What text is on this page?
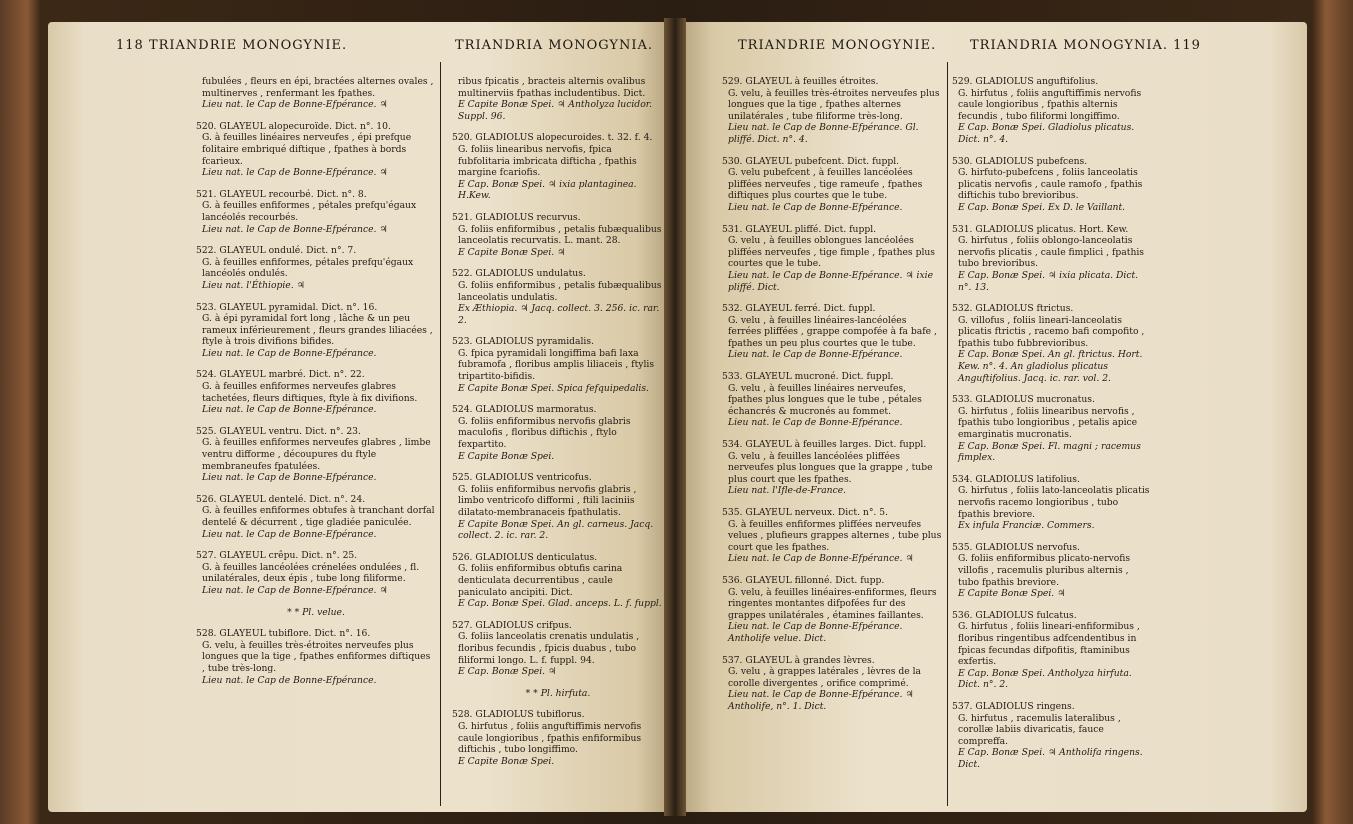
118 TRIANDRIE MONOGYNIE.	TRIANDRIA MONOGYNIA.	TRIANDRIE MONOGYNIE.	TRIANDRIA MONOGYNIA. 119
fubulées , fleurs en épi, bractées alternes ovales , multinerves , renfermant les fpathes.
Lieu nat. le Cap de Bonne-Efpérance. ♃
520. GLAYEUL alopecuroïde. Dict. n°. 10.
G. à feuilles linéaires nerveufes , épi prefque folitaire embriqué diftique , fpathes à bords fcarieux.
Lieu nat. le Cap de Bonne-Efpérance. ♃
521. GLAYEUL recourbé. Dict. n°. 8.
G. à feuilles enfiformes , pétales prefqu'égaux lancéolés recourbés.
Lieu nat. le Cap de Bonne-Efpérance. ♃
522. GLAYEUL ondulé. Dict. n°. 7.
G. à feuilles enfiformes, pétales prefqu'égaux lancéolés ondulés.
Lieu nat. l'Éthiopie. ♃
523. GLAYEUL pyramidal. Dict. n°. 16.
G. à épi pyramidal fort long , lâche & un peu rameux inférieurement , fleurs grandes liliacées , ftyle à trois divifions bifides.
Lieu nat. le Cap de Bonne-Efpérance.
524. GLAYEUL marbré. Dict. n°. 22.
G. à feuilles enfiformes nerveufes glabres tachetées, fleurs diftiques, ftyle à fix divifions.
Lieu nat. le Cap de Bonne-Efpérance.
525. GLAYEUL ventru. Dict. n°. 23.
G. à feuilles enfiformes nerveufes glabres , limbe ventru difforme , découpures du ftyle membraneufes fpatulées.
Lieu nat. le Cap de Bonne-Efpérance.
526. GLAYEUL dentelé. Dict. n°. 24.
G. à feuilles enfiformes obtufes à tranchant dorfal dentelé & décurrent , tige gladiée paniculée.
Lieu nat. le Cap de Bonne-Efpérance.
527. GLAYEUL crêpu. Dict. n°. 25.
G. à feuilles lancéolées crénelées ondulées , fl. unilatérales, deux épis , tube long filiforme.
Lieu nat. le Cap de Bonne-Efpérance. ♃
* * Pl. velue.
528. GLAYEUL tubiflore. Dict. n°. 16.
G. velu, à feuilles très-étroites nerveufes plus longues que la tige , fpathes enfiformes diftiques , tube très-long.
Lieu nat. le Cap de Bonne-Efpérance.
ribus fpicatis , bracteis alternis ovalibus multinerviis fpathas includentibus. Dict.
E Capite Bonæ Spei. ♃ Antholyza lucidor. Suppl. 96.
520. GLADIOLUS alopecuroides. t. 32. f. 4.
G. foliis linearibus nervofis, fpica fubfolitaria imbricata difticha , fpathis margine fcariofis.
E Cap. Bonæ Spei. ♃ ixia plantaginea. H.Kew.
521. GLADIOLUS recurvus.
G. foliis enfiformibus , petalis fubæqualibus lanceolatis recurvatis. L. mant. 28.
E Capite Bonæ Spei. ♃
522. GLADIOLUS undulatus.
G. foliis enfiformibus , petalis fubæqualibus lanceolatis undulatis.
Ex Æthiopia. ♃ Jacq. collect. 3. 256. ic. rar. 2.
523. GLADIOLUS pyramidalis.
G. fpica pyramidali longiffima bafi laxa fubramofa , floribus amplis liliaceis , ftylis tripartito-bifidis.
E Capite Bonæ Spei. Spica fefquipedalis.
524. GLADIOLUS marmoratus.
G. foliis enfiformibus nervofis glabris maculofis , floribus diftichis , ftylo fexpartito.
E Capite Bonæ Spei.
525. GLADIOLUS ventricofus.
G. foliis enfiformibus nervofis glabris , limbo ventricofo difformi , ftili laciniis dilatato-membranaceis fpathulatis.
E Capite Bonæ Spei. An gl. carneus. Jacq. collect. 2. ic. rar. 2.
526. GLADIOLUS denticulatus.
G. foliis enfiformibus obtufis carina denticulata decurrentibus , caule paniculato ancipiti. Dict.
E Cap. Bonæ Spei. Glad. anceps. L. f. fuppl.
527. GLADIOLUS crifpus.
G. foliis lanceolatis crenatis undulatis , floribus fecundis , fpicis duabus , tubo filiformi longo. L. f. fuppl. 94.
E Cap. Bonæ Spei. ♃
* * Pl. hirfuta.
528. GLADIOLUS tubiflorus.
G. hirfutus , foliis anguftiffimis nervofis caule longioribus , fpathis enfiformibus diftichis , tubo longiffimo.
E Capite Bonæ Spei.
529. GLAYEUL à feuilles étroites.
G. velu, à feuilles très-étroites nerveufes plus longues que la tige , fpathes alternes unilatérales , tube filiforme très-long.
Lieu nat. le Cap de Bonne-Efpérance. Gl. pliffé. Dict. n°. 4.
530. GLAYEUL pubefcent. Dict. fuppl.
G. velu pubefcent , à feuilles lancéolées pliffées nerveufes , tige rameufe , fpathes diftiques plus courtes que le tube.
Lieu nat. le Cap de Bonne-Efpérance.
531. GLAYEUL pliffé. Dict. fuppl.
G. velu , à feuilles oblongues lancéolées pliffées nerveufes , tige fimple , fpathes plus courtes que le tube.
Lieu nat. le Cap de Bonne-Efpérance. ♃ ixie pliffé. Dict.
532. GLAYEUL ferré. Dict. fuppl.
G. velu , à feuilles linéaires-lancéolées ferrées pliffées , grappe compofée à fa bafe , fpathes un peu plus courtes que le tube.
Lieu nat. le Cap de Bonne-Efpérance.
533. GLAYEUL mucroné. Dict. fuppl.
G. velu , à feuilles linéaires nerveufes, fpathes plus longues que le tube , pétales échancrés & mucronés au fommet.
Lieu nat. le Cap de Bonne-Efpérance.
534. GLAYEUL à feuilles larges. Dict. fuppl.
G. velu , à feuilles lancéolées pliffées nerveufes plus longues que la grappe , tube plus court que les fpathes.
Lieu nat. l'Ifle-de-France.
535. GLAYEUL nerveux. Dict. n°. 5.
G. à feuilles enfiformes pliffées nerveufes velues , plufieurs grappes alternes , tube plus court que les fpathes.
Lieu nat. le Cap de Bonne-Efpérance. ♃
536. GLAYEUL fillonné. Dict. fupp.
G. velu, à feuilles linéaires-enfiformes, fleurs ringentes montantes difpofées fur des grappes unilatérales , étamines faillantes.
Lieu nat. le Cap de Bonne-Efpérance. Antholife velue. Dict.
537. GLAYEUL à grandes lèvres.
G. velu , à grappes latérales , lèvres de la corolle divergentes , orifice comprimé.
Lieu nat. le Cap de Bonne-Efpérance. ♃ Antholife, n°. 1. Dict.
529. GLADIOLUS anguftifolius.
G. hirfutus , foliis anguftiffimis nervofis caule longioribus , fpathis alternis fecundis , tubo filiformi longiffimo.
E Cap. Bonæ Spei. Gladiolus plicatus. Dict. n°. 4.
530. GLADIOLUS pubefcens.
G. hirfuto-pubefcens , foliis lanceolatis plicatis nervofis , caule ramofo , fpathis diftichis tubo brevioribus.
E Cap. Bonæ Spei. Ex D. le Vaillant.
531. GLADIOLUS plicatus. Hort. Kew.
G. hirfutus , foliis oblongo-lanceolatis nervofis plicatis , caule fimplici , fpathis tubo brevioribus.
E Cap. Bonæ Spei. ♃ ixia plicata. Dict. n°. 13.
532. GLADIOLUS ftrictus.
G. villofus , foliis lineari-lanceolatis plicatis ftrictis , racemo bafi compofito , fpathis tubo fubbrevioribus.
E Cap. Bonæ Spei. An gl. ftrictus. Hort. Kew. n°. 4. An gladiolus plicatus Anguftifolius. Jacq. ic. rar. vol. 2.
533. GLADIOLUS mucronatus.
G. hirfutus , foliis linearibus nervofis , fpathis tubo longioribus , petalis apice emarginatis mucronatis.
E Cap. Bonæ Spei. Fl. magni ; racemus fimplex.
534. GLADIOLUS latifolius.
G. hirfutus , foliis lato-lanceolatis plicatis nervofis racemo longioribus , tubo fpathis breviore.
Ex infula Franciæ. Commers.
535. GLADIOLUS nervofus.
G. foliis enfiformibus plicato-nervofis villofis , racemulis pluribus alternis , tubo fpathis breviore.
E Capite Bonæ Spei. ♃
536. GLADIOLUS fulcatus.
G. hirfutus , foliis lineari-enfiformibus , floribus ringentibus adfcendentibus in fpicas fecundas difpofitis, ftaminibus exfertis.
E Cap. Bonæ Spei. Antholyza hirfuta. Dict. n°. 2.
537. GLADIOLUS ringens.
G. hirfutus , racemulis lateralibus , corollæ labiis divaricatis, fauce compreffa.
E Cap. Bonæ Spei. ♃ Antholifa ringens. Dict.
